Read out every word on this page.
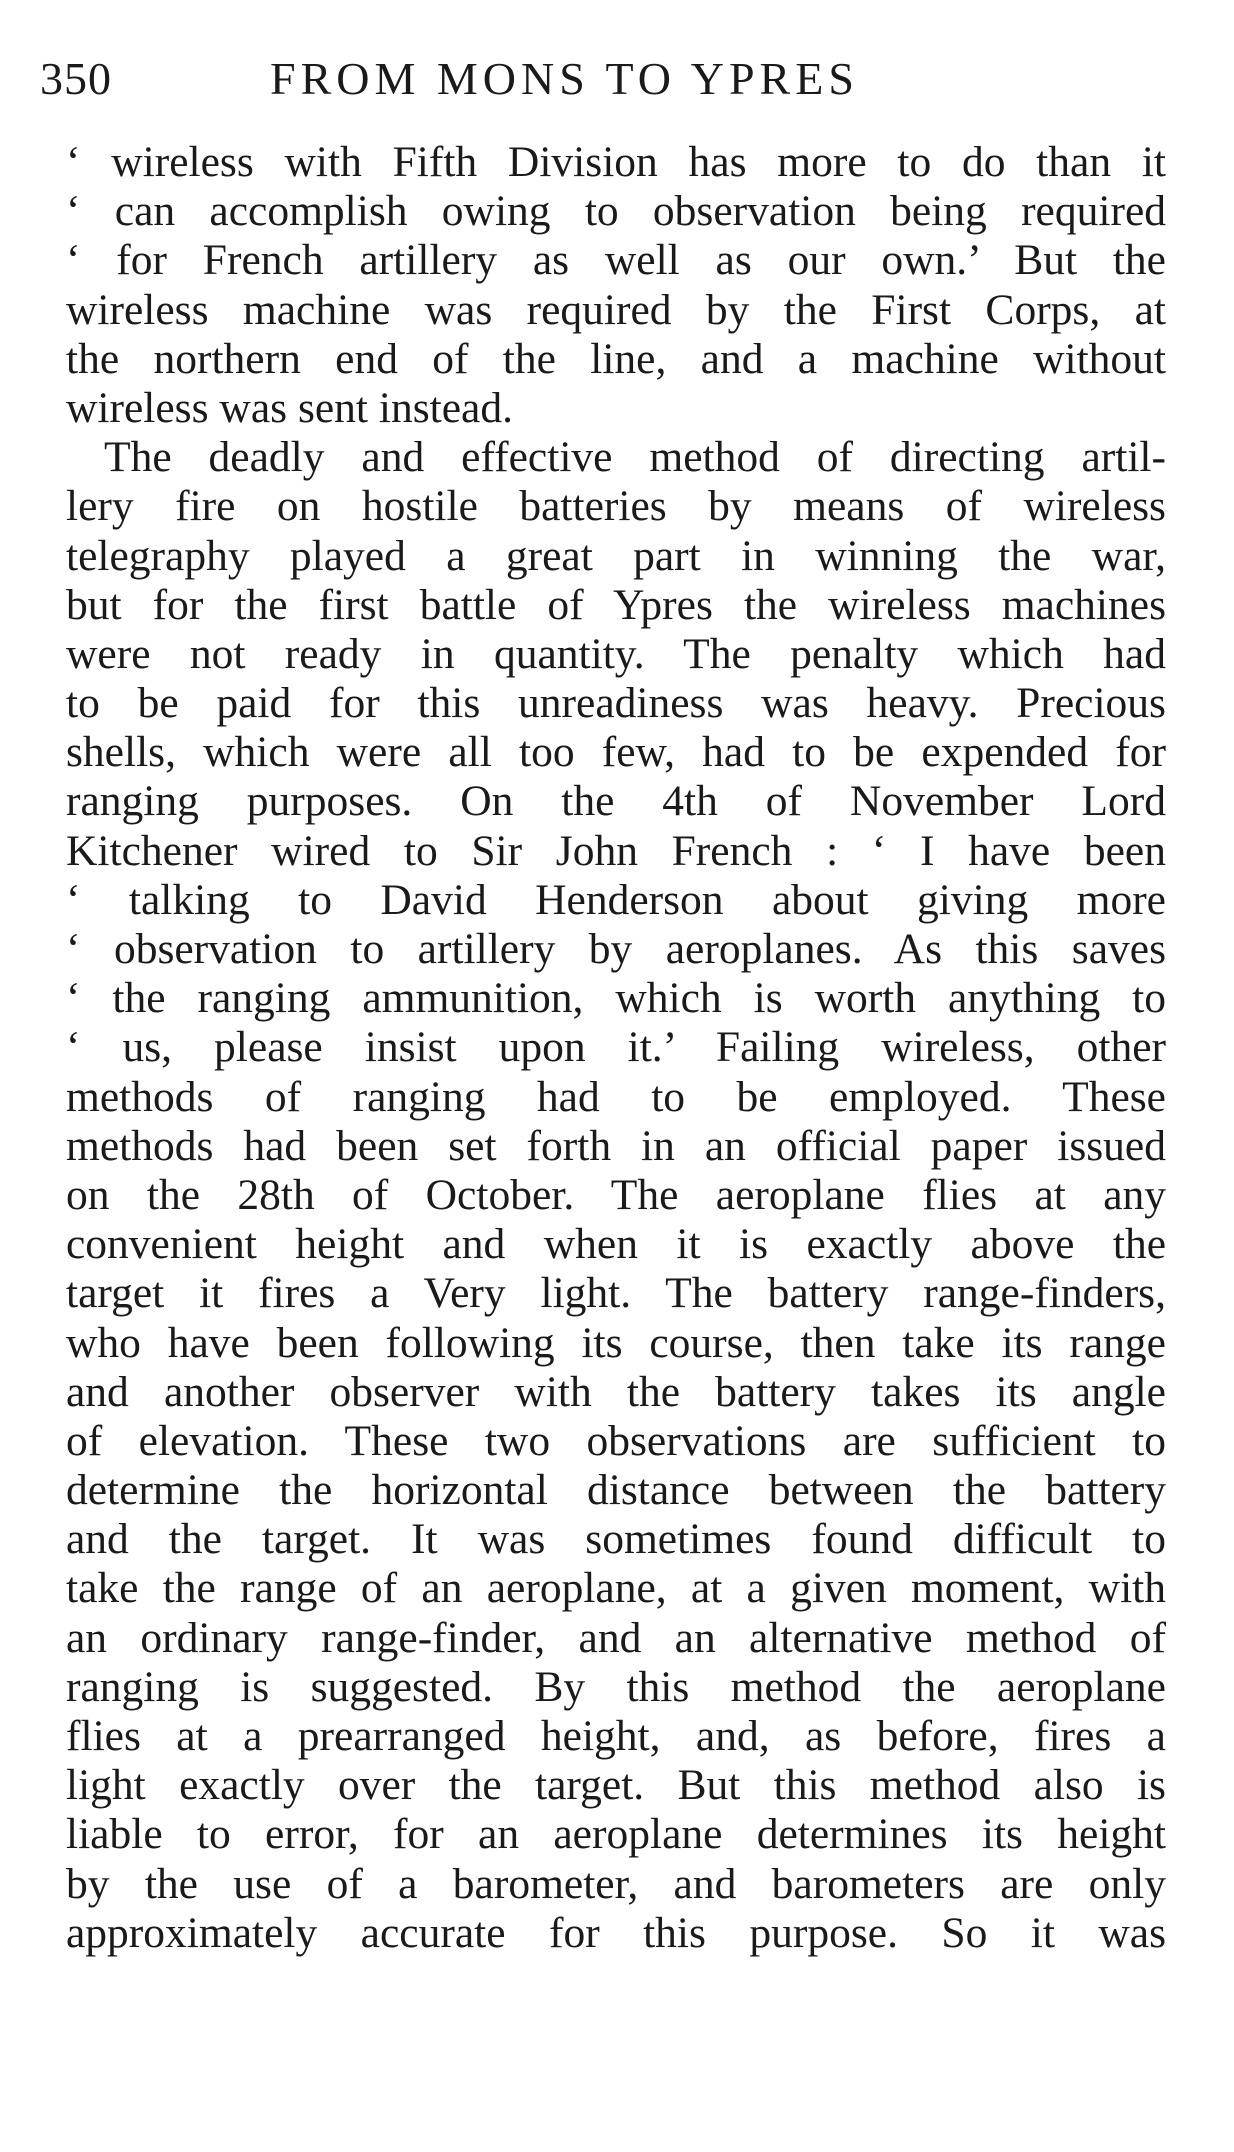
350	FROM MONS TO YPRES
‘ wireless with Fifth Division has more to do than it
‘ can accomplish owing to observation being required
‘ for French artillery as well as our own.’ But the
wireless machine was required by the First Corps, at
the northern end of the line, and a machine without
wireless was sent instead.
The deadly and effective method of directing artil-
lery fire on hostile batteries by means of wireless
telegraphy played a great part in winning the war,
but for the first battle of Ypres the wireless machines
were not ready in quantity. The penalty which had
to be paid for this unreadiness was heavy. Precious
shells, which were all too few, had to be expended for
ranging purposes. On the 4th of November Lord
Kitchener wired to Sir John French : ‘ I have been
‘ talking to David Henderson about giving more
‘ observation to artillery by aeroplanes. As this saves
‘ the ranging ammunition, which is worth anything to
‘ us, please insist upon it.’ Failing wireless, other
methods of ranging had to be employed. These
methods had been set forth in an official paper issued
on the 28th of October. The aeroplane flies at any
convenient height and when it is exactly above the
target it fires a Very light. The battery range-finders,
who have been following its course, then take its range
and another observer with the battery takes its angle
of elevation. These two observations are sufficient to
determine the horizontal distance between the battery
and the target. It was sometimes found difficult to
take the range of an aeroplane, at a given moment, with
an ordinary range-finder, and an alternative method of
ranging is suggested. By this method the aeroplane
flies at a prearranged height, and, as before, fires a
light exactly over the target. But this method also is
liable to error, for an aeroplane determines its height
by the use of a barometer, and barometers are only
approximately accurate for this purpose. So it was
